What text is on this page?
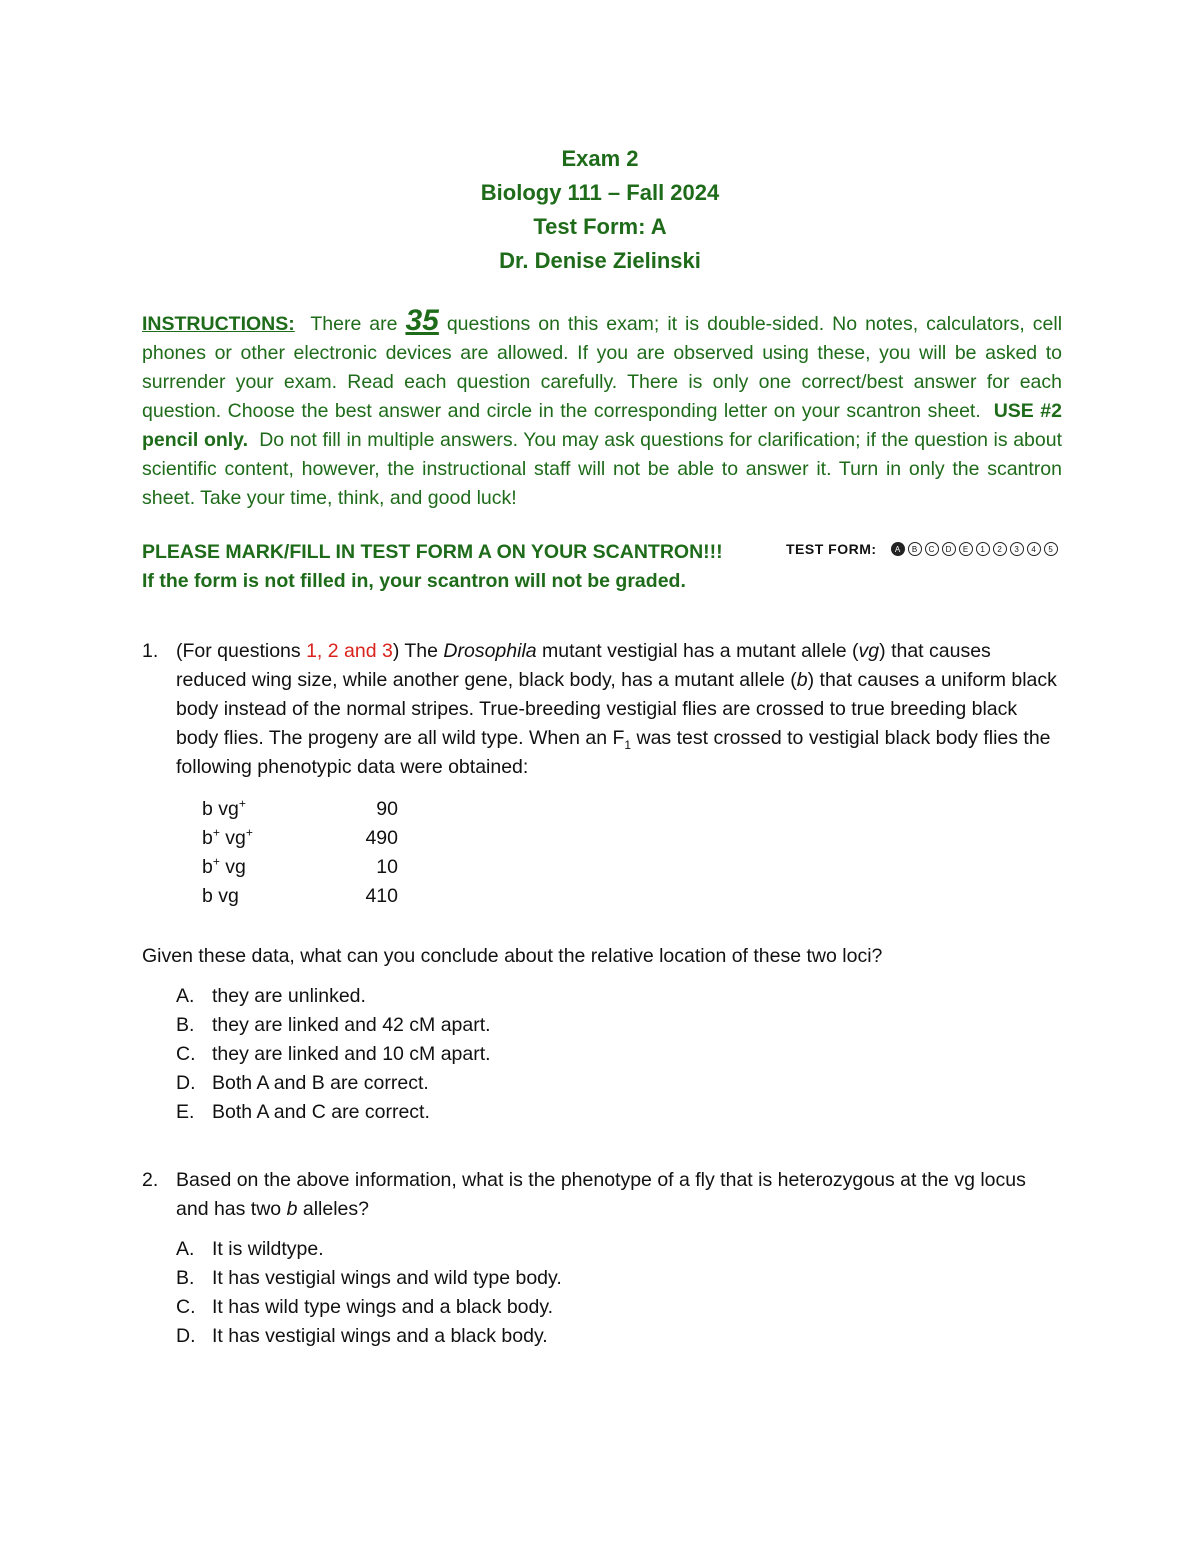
Exam 2
Biology 111 – Fall 2024
Test Form: A
Dr. Denise Zielinski
INSTRUCTIONS: There are 35 questions on this exam; it is double-sided. No notes, calculators, cell phones or other electronic devices are allowed. If you are observed using these, you will be asked to surrender your exam. Read each question carefully. There is only one correct/best answer for each question. Choose the best answer and circle in the corresponding letter on your scantron sheet. USE #2 pencil only. Do not fill in multiple answers. You may ask questions for clarification; if the question is about scientific content, however, the instructional staff will not be able to answer it. Turn in only the scantron sheet. Take your time, think, and good luck!
PLEASE MARK/FILL IN TEST FORM A ON YOUR SCANTRON!!!
If the form is not filled in, your scantron will not be graded.
TEST FORM:	A	B	C	D	E	1	2	3	4	5
1. (For questions 1, 2 and 3) The Drosophila mutant vestigial has a mutant allele (vg) that causes reduced wing size, while another gene, black body, has a mutant allele (b) that causes a uniform black body instead of the normal stripes. True-breeding vestigial flies are crossed to true breeding black body flies. The progeny are all wild type. When an $F_1$ was test crossed to vestigial black body flies the following phenotypic data were obtained:
b vg+	90
b+ vg+	490
b+ vg	10
b vg	410
Given these data, what can you conclude about the relative location of these two loci?
A. they are unlinked.
B. they are linked and 42 cM apart.
C. they are linked and 10 cM apart.
D. Both A and B are correct.
E. Both A and C are correct.
2. Based on the above information, what is the phenotype of a fly that is heterozygous at the vg locus and has two b alleles?
A. It is wildtype.
B. It has vestigial wings and wild type body.
C. It has wild type wings and a black body.
D. It has vestigial wings and a black body.
